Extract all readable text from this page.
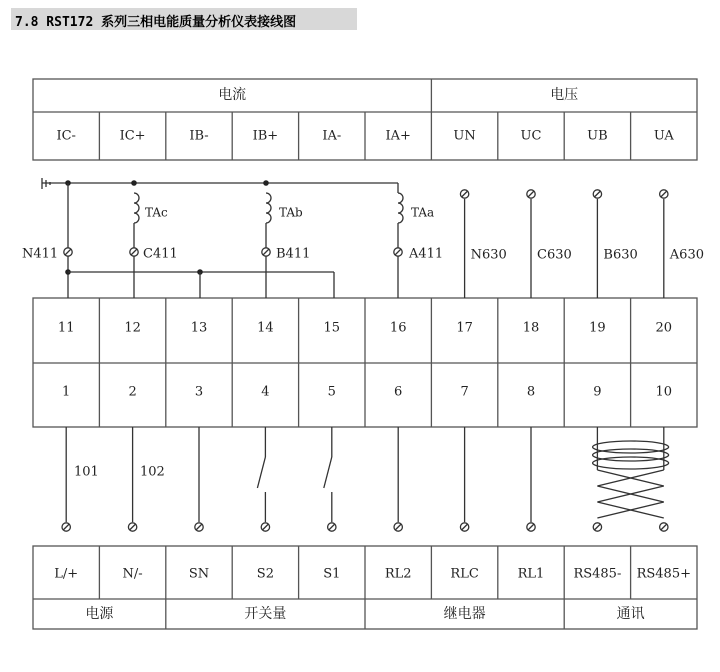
7.8 RST172 系列三相电能质量分析仪表接线图
电流	电压
IC-	IC+	IB-	IB+	IA-	IA+	UN	UC	UB	UA
11	12	13	14	15	16	17	18	19	20
1	2	3	4	5	6	7	8	9	10
L/+	N/-	SN	S2	S1	RL2	RLC	RL1 RS485- RS485+
电源	开关量	继电器	通讯
TAc	TAb	TAa
N411	C411	B411	A411 N630 C630 B630 A630
101	102
